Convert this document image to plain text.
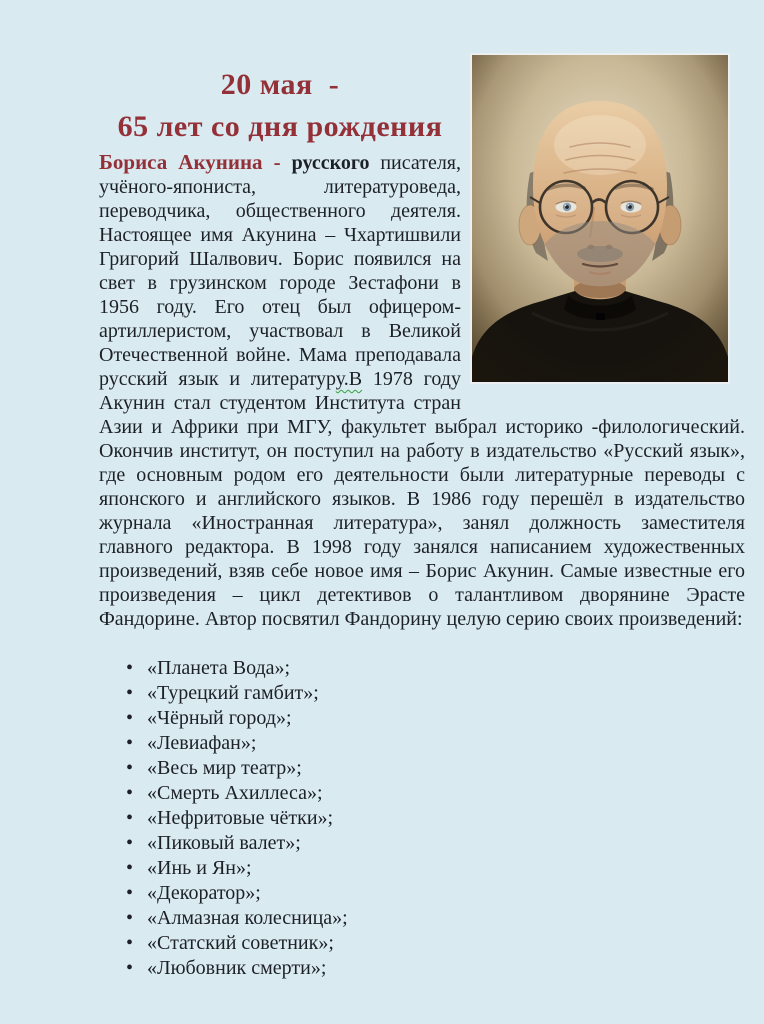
20 мая  -
65 лет со дня рождения

Бориса Акунина - русского писателя, учёного-япониста, литературоведа, переводчика, общественного деятеля. Настоящее имя Акунина – Чхартишвили Григорий Шалвович. Борис появился на свет в грузинском городе Зестафони в 1956 году. Его отец был офицером-артиллеристом, участвовал в Великой Отечественной войне. Мама преподавала русский язык и литературу.В 1978 году Акунин стал студентом Института стран Азии и Африки при МГУ, факультет выбрал историко -филологический. Окончив институт, он поступил на работу в издательство «Русский язык», где основным родом его деятельности были литературные переводы с японского и английского языков. В 1986 году перешёл в издательство журнала «Иностранная литература», занял должность заместителя главного редактора. В 1998 году занялся написанием художественных произведений, взяв себе новое имя – Борис Акунин. Самые известные его произведения – цикл детективов о талантливом дворянине Эрасте Фандорине. Автор посвятил Фандорину целую серию своих произведений:

• «Планета Вода»;
• «Турецкий гамбит»;
• «Чёрный город»;
• «Левиафан»;
• «Весь мир театр»;
• «Смерть Ахиллеса»;
• «Нефритовые чётки»;
• «Пиковый валет»;
• «Инь и Ян»;
• «Декоратор»;
• «Алмазная колесница»;
• «Статский советник»;
• «Любовник смерти»;
